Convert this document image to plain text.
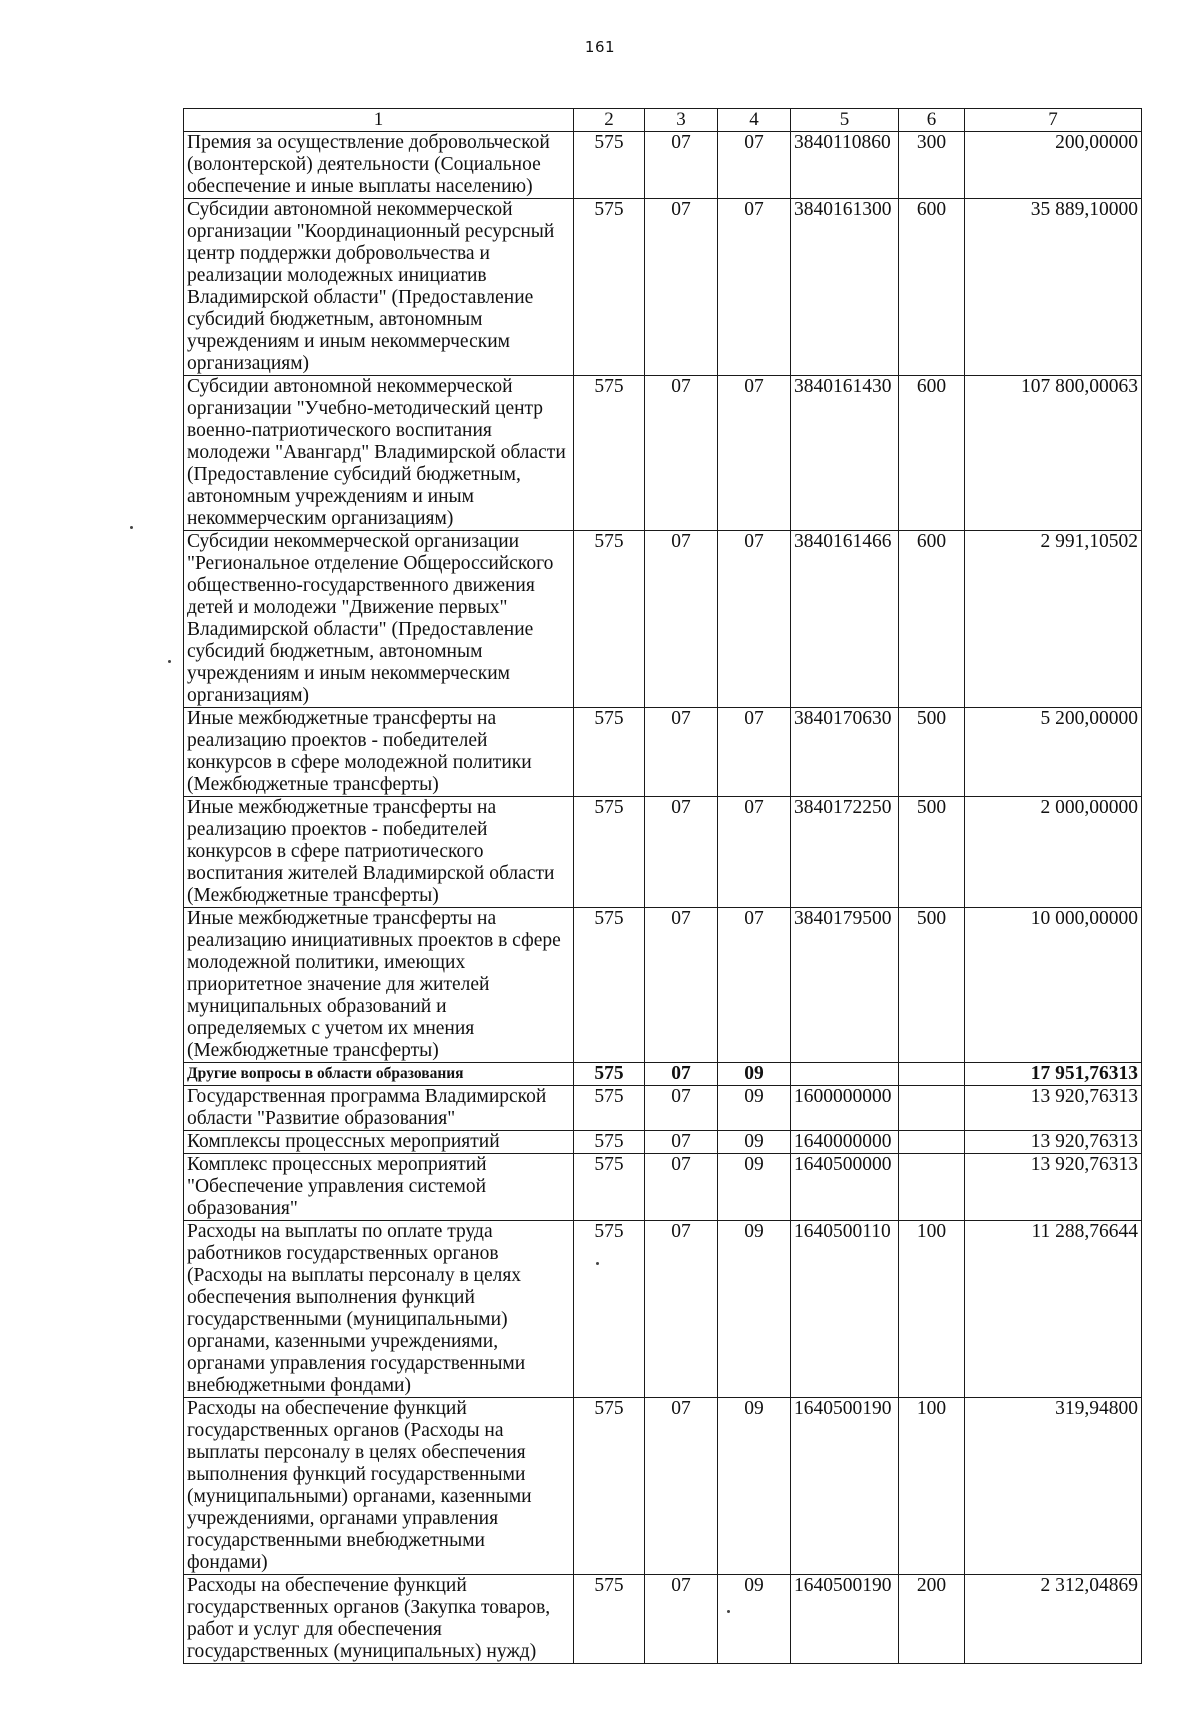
161
1	2	3	4	5	6	7
Премия за осуществление добровольческой (волонтерской) деятельности (Социальное обеспечение и иные выплаты населению)	575	07	07	3840110860	300	200,00000
Субсидии автономной некоммерческой организации "Координационный ресурсный центр поддержки добровольчества и реализации молодежных инициатив Владимирской области" (Предоставление субсидий бюджетным, автономным учреждениям и иным некоммерческим организациям)	575	07	07	3840161300	600	35 889,10000
Субсидии автономной некоммерческой организации "Учебно-методический центр военно-патриотического воспитания молодежи "Авангард" Владимирской области (Предоставление субсидий бюджетным, автономным учреждениям и иным некоммерческим организациям)	575	07	07	3840161430	600	107 800,00063
Субсидии некоммерческой организации "Региональное отделение Общероссийского общественно-государственного движения детей и молодежи "Движение первых" Владимирской области" (Предоставление субсидий бюджетным, автономным учреждениям и иным некоммерческим организациям)	575	07	07	3840161466	600	2 991,10502
Иные межбюджетные трансферты на реализацию проектов - победителей конкурсов в сфере молодежной политики (Межбюджетные трансферты)	575	07	07	3840170630	500	5 200,00000
Иные межбюджетные трансферты на реализацию проектов - победителей конкурсов в сфере патриотического воспитания жителей Владимирской области (Межбюджетные трансферты)	575	07	07	3840172250	500	2 000,00000
Иные межбюджетные трансферты на реализацию инициативных проектов в сфере молодежной политики, имеющих приоритетное значение для жителей муниципальных образований и определяемых с учетом их мнения (Межбюджетные трансферты)	575	07	07	3840179500	500	10 000,00000
Другие вопросы в области образования	575	07	09			17 951,76313
Государственная программа Владимирской области "Развитие образования"	575	07	09	1600000000		13 920,76313
Комплексы процессных мероприятий	575	07	09	1640000000		13 920,76313
Комплекс процессных мероприятий "Обеспечение управления системой образования"	575	07	09	1640500000		13 920,76313
Расходы на выплаты по оплате труда работников государственных органов (Расходы на выплаты персоналу в целях обеспечения выполнения функций государственными (муниципальными) органами, казенными учреждениями, органами управления государственными внебюджетными фондами)	575	07	09	1640500110	100	11 288,76644
Расходы на обеспечение функций государственных органов (Расходы на выплаты персоналу в целях обеспечения выполнения функций государственными (муниципальными) органами, казенными учреждениями, органами управления государственными внебюджетными фондами)	575	07	09	1640500190	100	319,94800
Расходы на обеспечение функций государственных органов (Закупка товаров, работ и услуг для обеспечения государственных (муниципальных) нужд)	575	07	09	1640500190	200	2 312,04869
